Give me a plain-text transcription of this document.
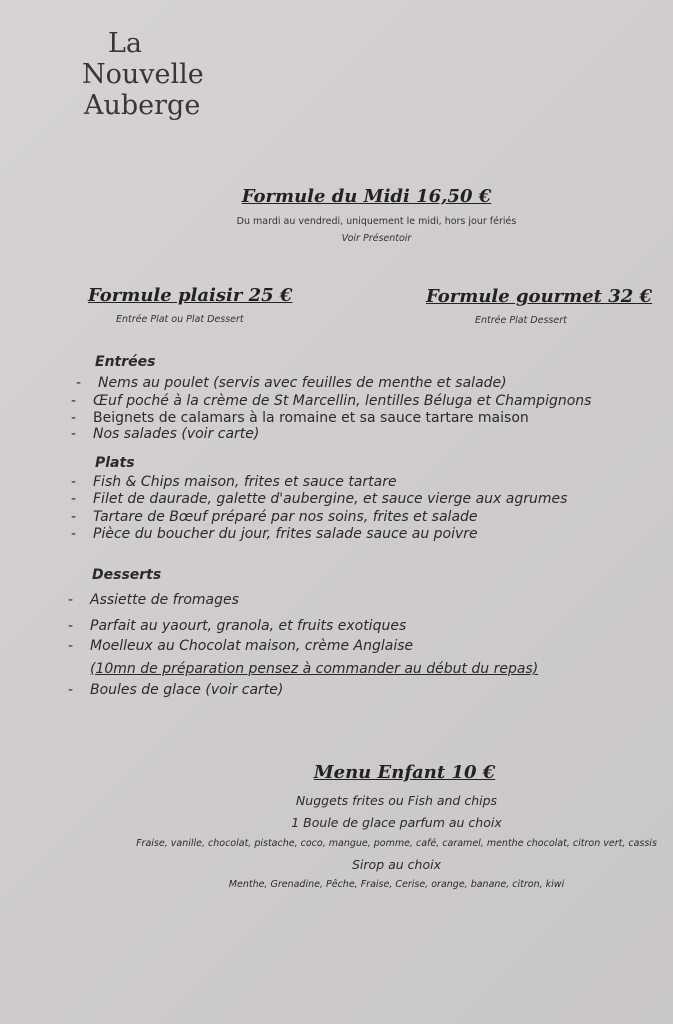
La
Nouvelle
Auberge
Formule du Midi 16,50 €
Du mardi au vendredi, uniquement le midi, hors jour fériés
Voir Présentoir
Formule plaisir 25 €
Entrée Plat ou Plat Dessert
Formule gourmet 32 €
Entrée Plat Dessert
Entrées
- Nems au poulet (servis avec feuilles de menthe et salade)
- Œuf poché à la crème de St Marcellin, lentilles Béluga et Champignons
- Beignets de calamars à la romaine et sa sauce tartare maison
- Nos salades (voir carte)
Plats
- Fish & Chips maison, frites et sauce tartare
- Filet de daurade, galette d'aubergine, et sauce vierge aux agrumes
- Tartare de Bœuf préparé par nos soins, frites et salade
- Pièce du boucher du jour, frites salade sauce au poivre
Desserts
- Assiette de fromages
- Parfait au yaourt, granola, et fruits exotiques
- Moelleux au Chocolat maison, crème Anglaise
(10mn de préparation pensez à commander au début du repas)
- Boules de glace (voir carte)
Menu Enfant 10 €
Nuggets frites ou Fish and chips
1 Boule de glace parfum au choix
Fraise, vanille, chocolat, pistache, coco, mangue, pomme, café, caramel, menthe chocolat, citron vert, cassis
Sirop au choix
Menthe, Grenadine, Pêche, Fraise, Cerise, orange, banane, citron, kiwi
